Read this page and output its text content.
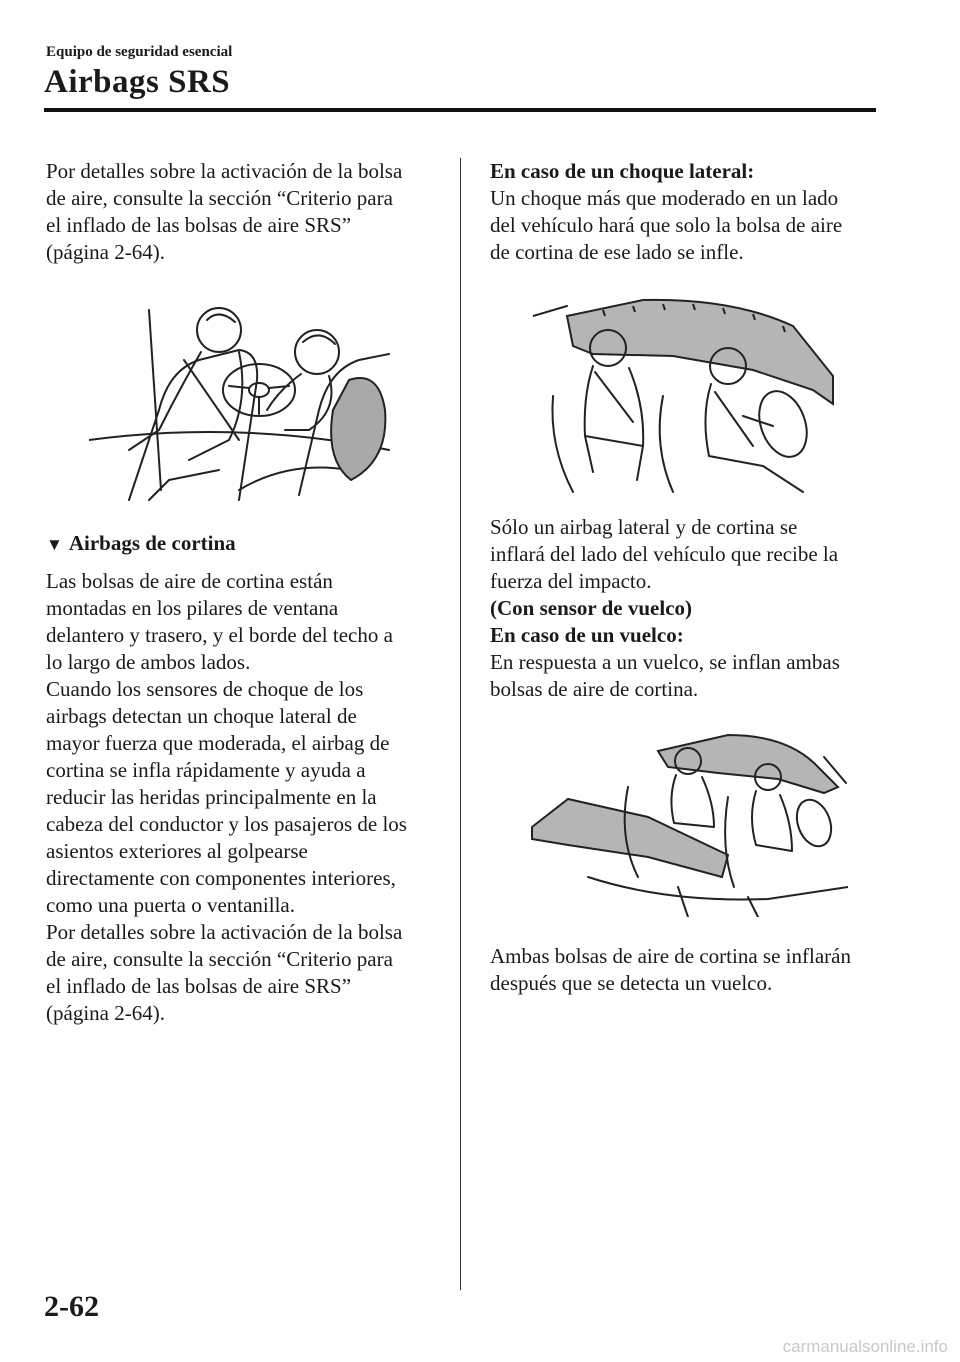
Equipo de seguridad esencial
Airbags SRS

Por detalles sobre la activación de la bolsa
de aire, consulte la sección “Criterio para
el inflado de las bolsas de aire SRS”
(página 2-64).

▼ Airbags de cortina

Las bolsas de aire de cortina están
montadas en los pilares de ventana
delantero y trasero, y el borde del techo a
lo largo de ambos lados.
Cuando los sensores de choque de los
airbags detectan un choque lateral de
mayor fuerza que moderada, el airbag de
cortina se infla rápidamente y ayuda a
reducir las heridas principalmente en la
cabeza del conductor y los pasajeros de los
asientos exteriores al golpearse
directamente con componentes interiores,
como una puerta o ventanilla.
Por detalles sobre la activación de la bolsa
de aire, consulte la sección “Criterio para
el inflado de las bolsas de aire SRS”
(página 2-64).

En caso de un choque lateral:

Un choque más que moderado en un lado
del vehículo hará que solo la bolsa de aire
de cortina de ese lado se infle.

Sólo un airbag lateral y de cortina se
inflará del lado del vehículo que recibe la
fuerza del impacto.

(Con sensor de vuelco)
En caso de un vuelco:

En respuesta a un vuelco, se inflan ambas
bolsas de aire de cortina.

Ambas bolsas de aire de cortina se inflarán
después que se detecta un vuelco.

2-62
carmanualsonline.info
